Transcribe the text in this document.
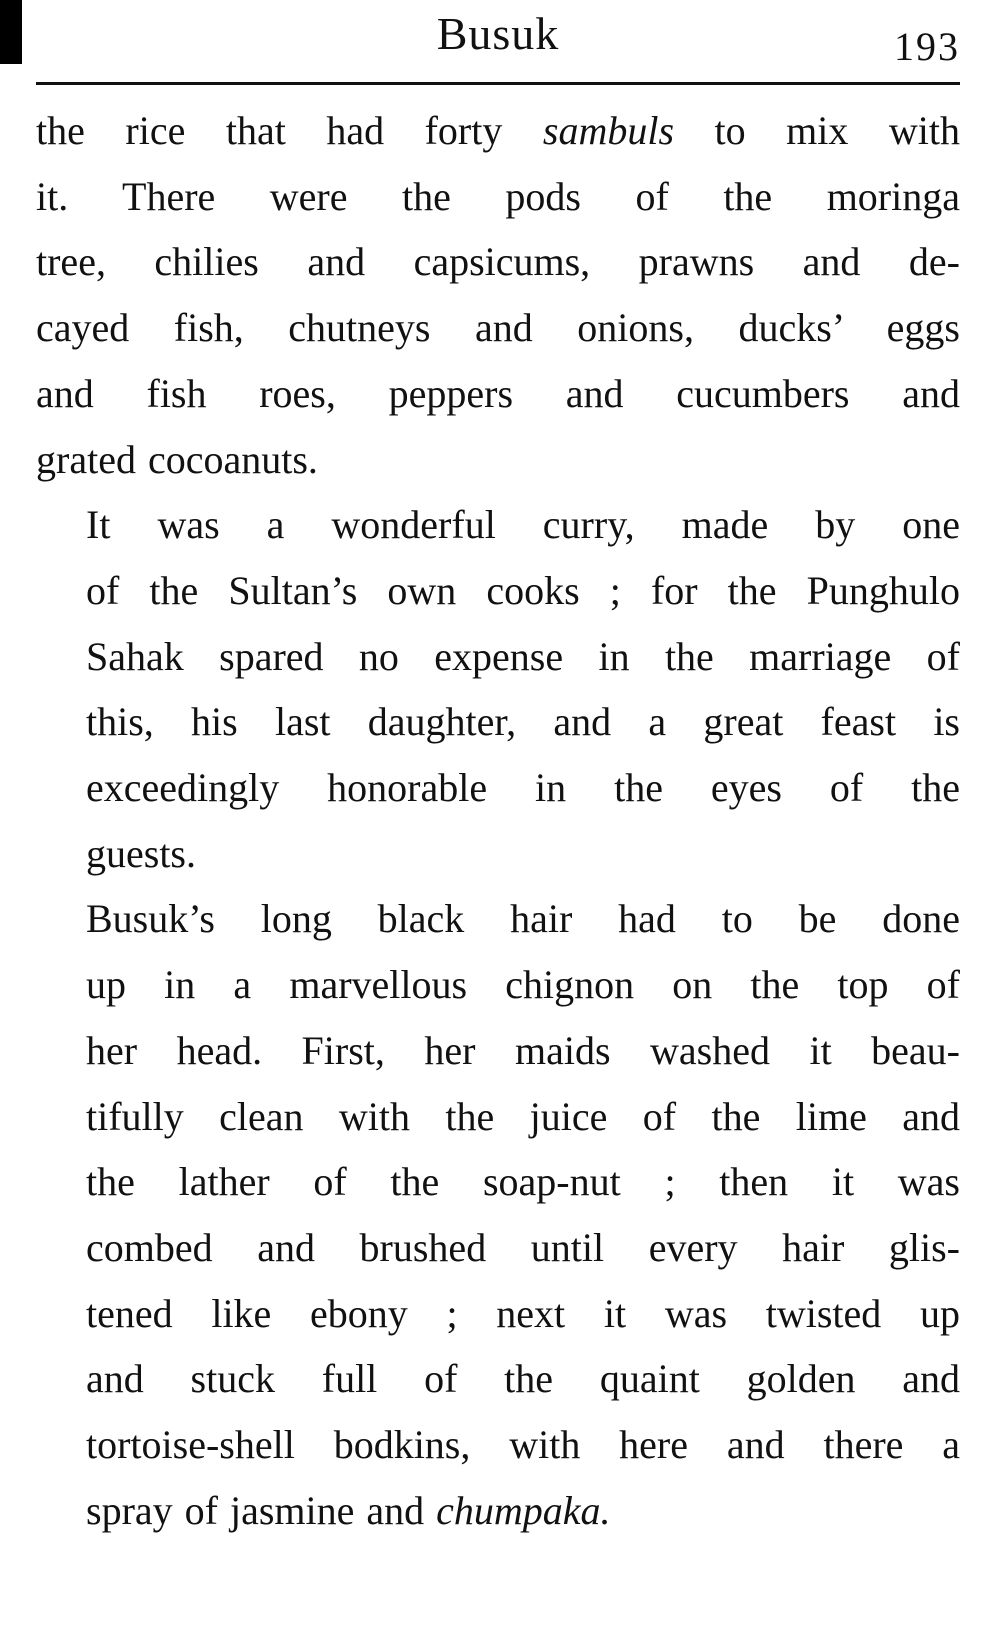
Busuk	193

the rice that had forty sambuls to mix with
it. There were the pods of the moringa
tree, chilies and capsicums, prawns and de-
cayed fish, chutneys and onions, ducks’ eggs
and fish roes, peppers and cucumbers and
grated cocoanuts.

It was a wonderful curry, made by one
of the Sultan’s own cooks ; for the Punghulo
Sahak spared no expense in the marriage of
this, his last daughter, and a great feast is
exceedingly honorable in the eyes of the
guests.

Busuk’s long black hair had to be done
up in a marvellous chignon on the top of
her head. First, her maids washed it beau-
tifully clean with the juice of the lime and
the lather of the soap-nut ; then it was
combed and brushed until every hair glis-
tened like ebony ; next it was twisted up
and stuck full of the quaint golden and
tortoise-shell bodkins, with here and there a
spray of jasmine and chumpaka.
